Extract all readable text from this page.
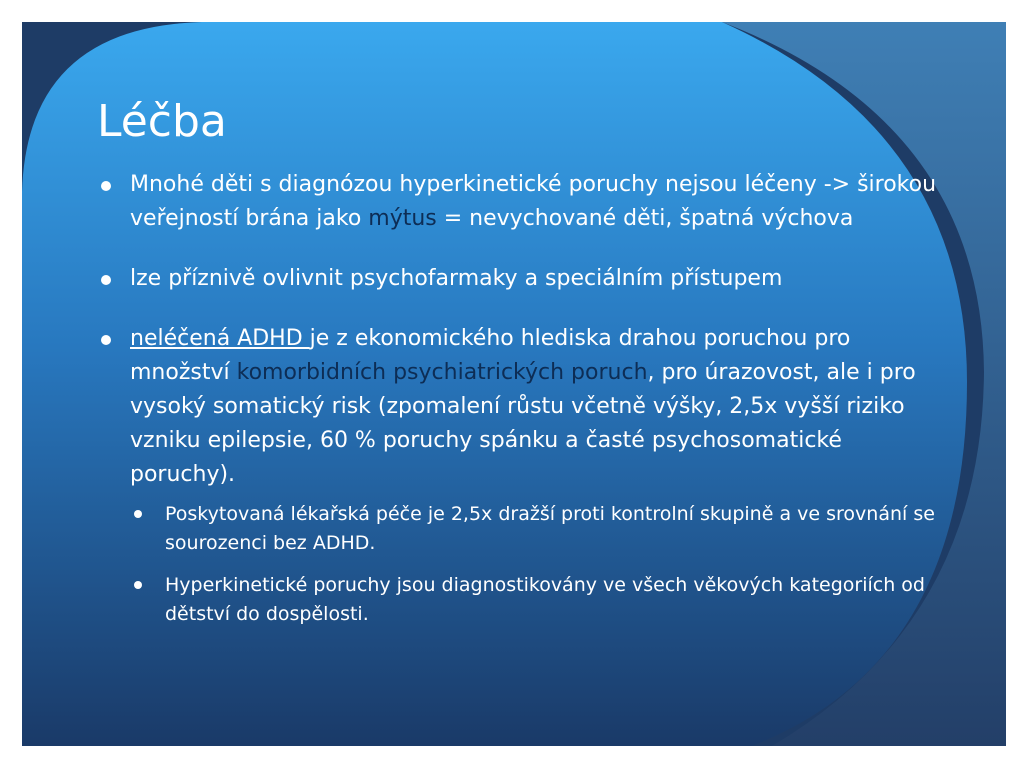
Léčba
Mnohé děti s diagnózou hyperkinetické poruchy nejsou léčeny -> širokou veřejností brána jako mýtus = nevychované děti, špatná výchova
lze příznivě ovlivnit psychofarmaky a speciálním přístupem
neléčená ADHD je z ekonomického hlediska drahou poruchou pro množství komorbidních psychiatrických poruch, pro úrazovost, ale i pro vysoký somatický risk (zpomalení růstu včetně výšky, 2,5x vyšší riziko vzniku epilepsie, 60 % poruchy spánku a časté psychosomatické poruchy).
Poskytovaná lékařská péče je 2,5x dražší proti kontrolní skupině a ve srovnání se sourozenci bez ADHD.
Hyperkinetické poruchy jsou diagnostikovány ve všech věkových kategoriích od dětství do dospělosti.
